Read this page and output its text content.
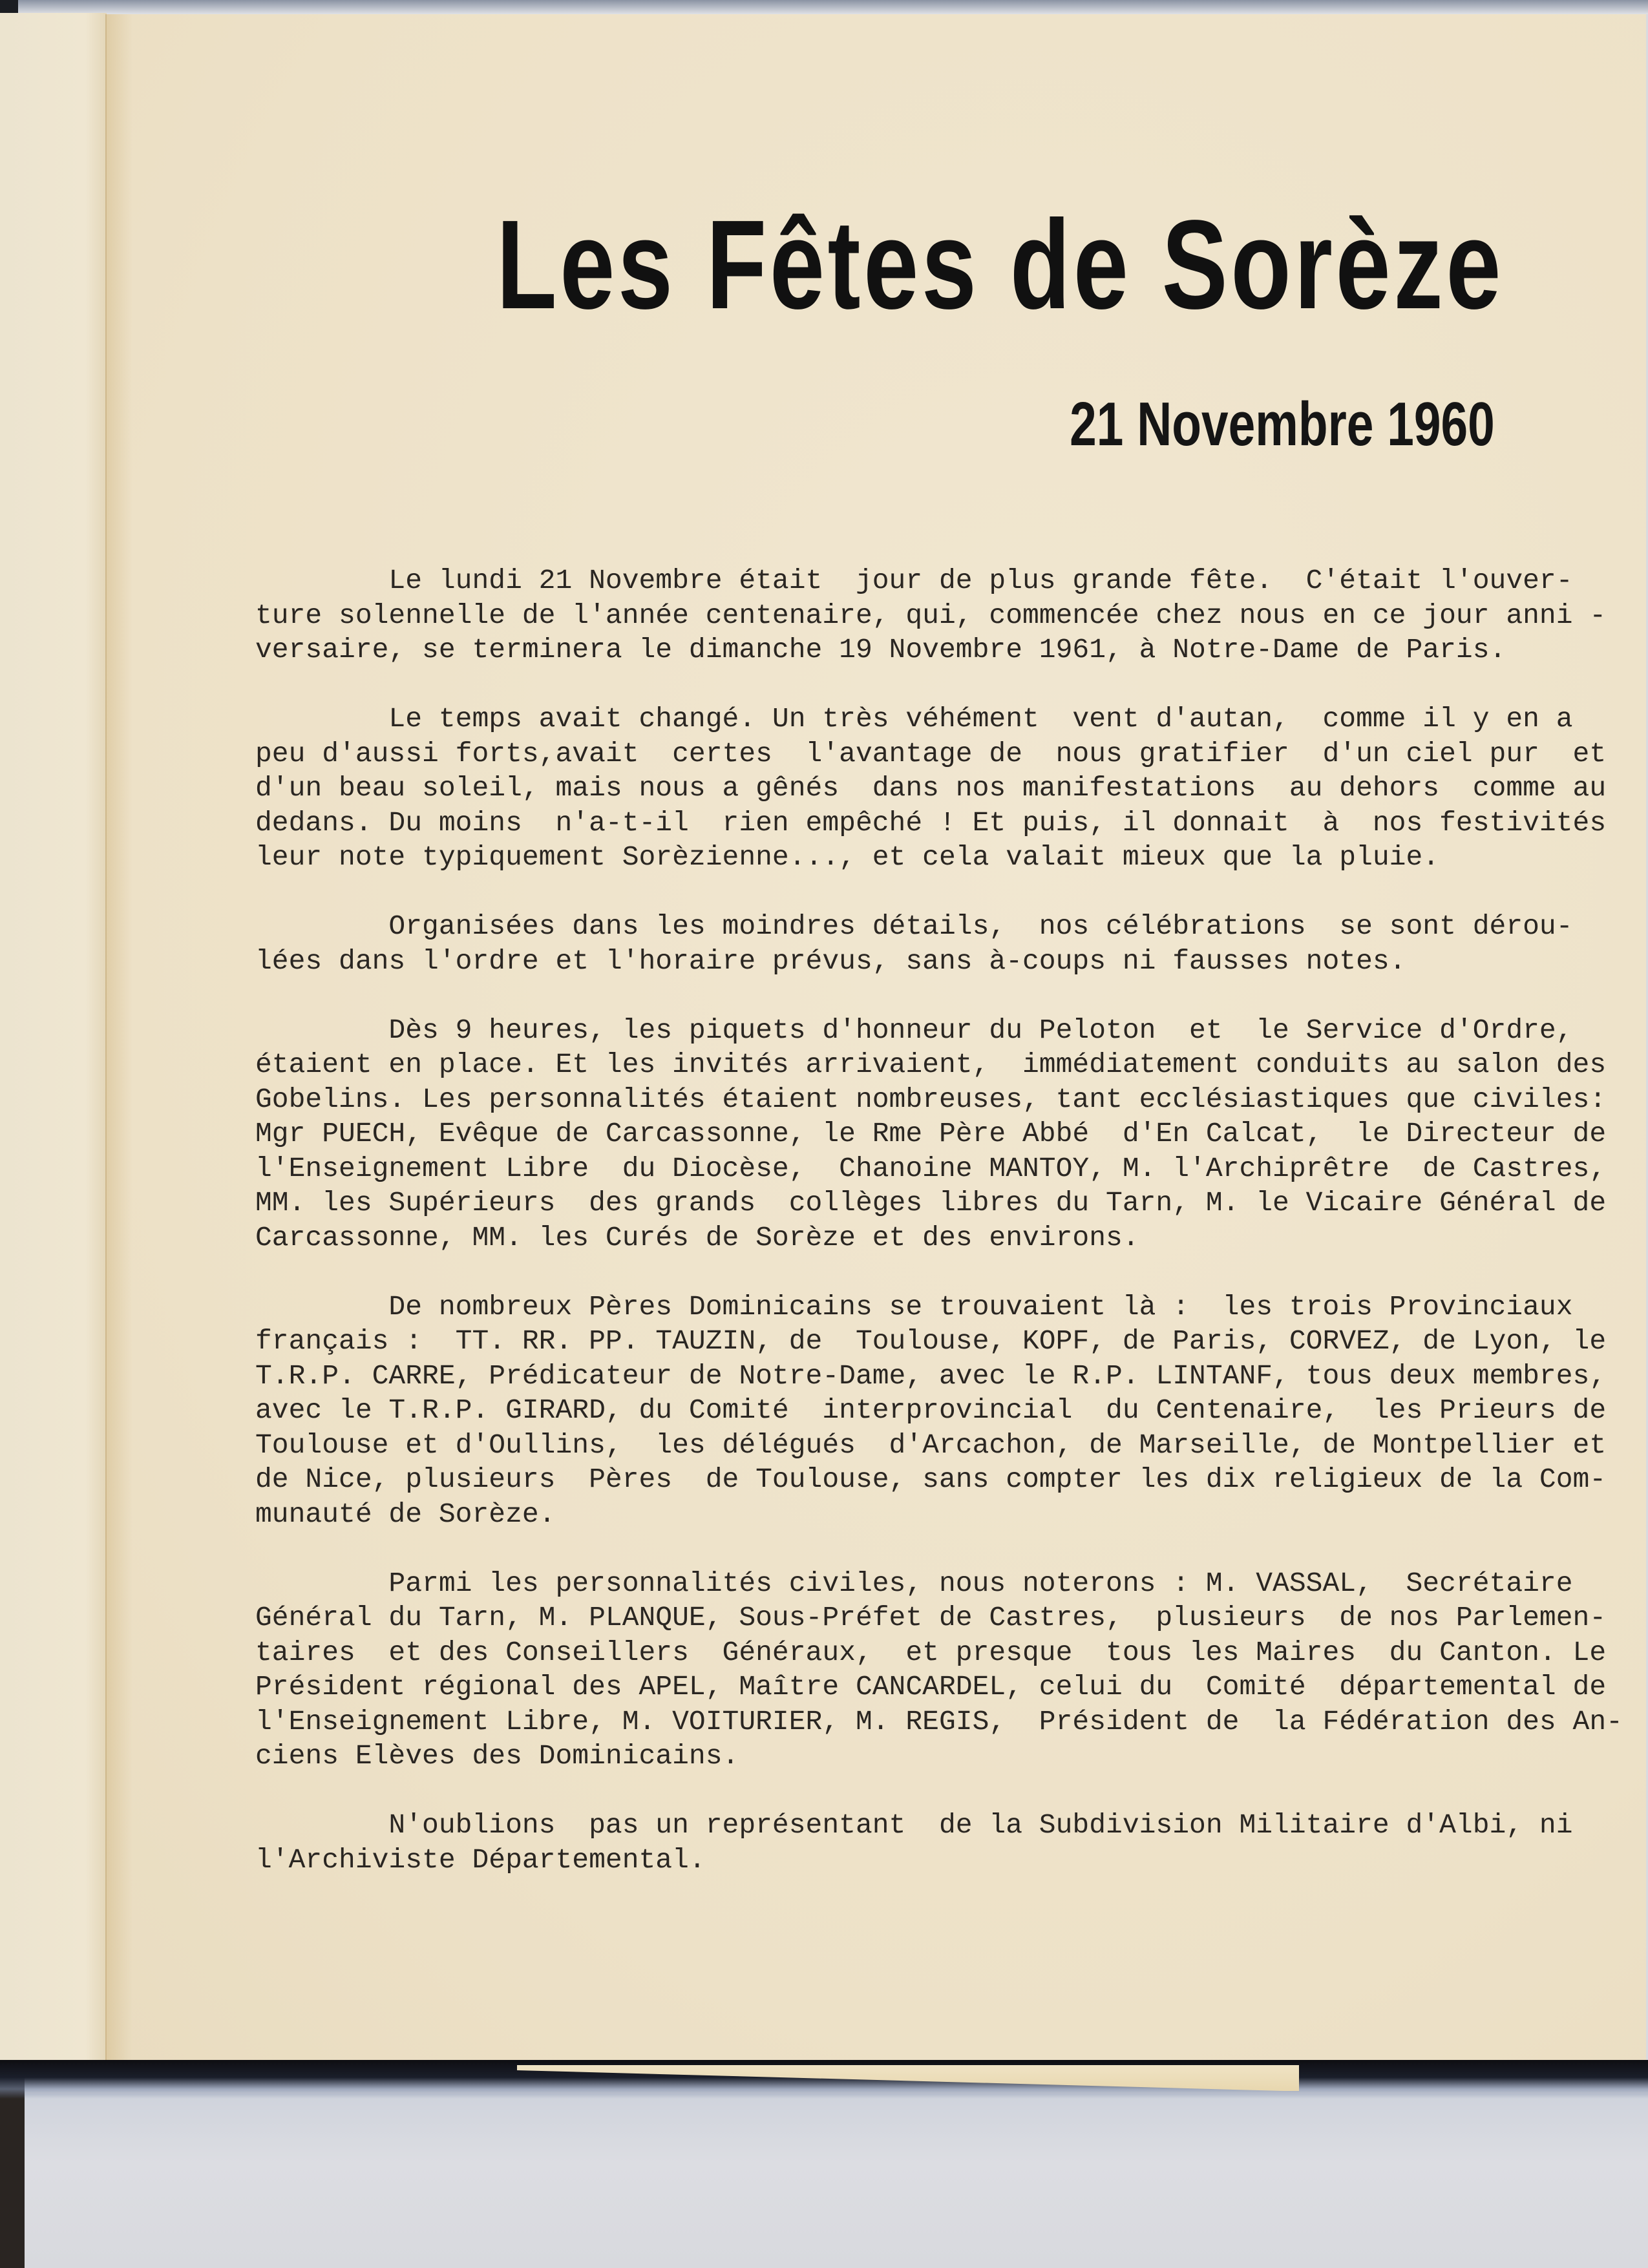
Les Fêtes de Sorèze
21 Novembre 1960
Le lundi 21 Novembre était  jour de plus grande fête.  C'était l'ouver-
ture solennelle de l'année centenaire, qui, commencée chez nous en ce jour anni -
versaire, se terminera le dimanche 19 Novembre 1961, à Notre-Dame de Paris.
Le temps avait changé. Un très véhément  vent d'autan,  comme il y en a
peu d'aussi forts,avait  certes  l'avantage de  nous gratifier  d'un ciel pur  et
d'un beau soleil, mais nous a gênés  dans nos manifestations  au dehors  comme au
dedans. Du moins  n'a-t-il  rien empêché ! Et puis, il donnait  à  nos festivités
leur note typiquement Sorèzienne..., et cela valait mieux que la pluie.
Organisées dans les moindres détails,  nos célébrations  se sont dérou-
lées dans l'ordre et l'horaire prévus, sans à-coups ni fausses notes.
Dès 9 heures, les piquets d'honneur du Peloton  et  le Service d'Ordre,
étaient en place. Et les invités arrivaient,  immédiatement conduits au salon des
Gobelins. Les personnalités étaient nombreuses, tant ecclésiastiques que civiles:
Mgr PUECH, Evêque de Carcassonne, le Rme Père Abbé  d'En Calcat,  le Directeur de
l'Enseignement Libre  du Diocèse,  Chanoine MANTOY, M. l'Archiprêtre  de Castres,
MM. les Supérieurs  des grands  collèges libres du Tarn, M. le Vicaire Général de
Carcassonne, MM. les Curés de Sorèze et des environs.
De nombreux Pères Dominicains se trouvaient là :  les trois Provinciaux
français :  TT. RR. PP. TAUZIN, de  Toulouse, KOPF, de Paris, CORVEZ, de Lyon, le
T.R.P. CARRE, Prédicateur de Notre-Dame, avec le R.P. LINTANF, tous deux membres,
avec le T.R.P. GIRARD, du Comité  interprovincial  du Centenaire,  les Prieurs de
Toulouse et d'Oullins,  les délégués  d'Arcachon, de Marseille, de Montpellier et
de Nice, plusieurs  Pères  de Toulouse, sans compter les dix religieux de la Com-
munauté de Sorèze.
Parmi les personnalités civiles, nous noterons : M. VASSAL,  Secrétaire
Général du Tarn, M. PLANQUE, Sous-Préfet de Castres,  plusieurs  de nos Parlemen-
taires  et des Conseillers  Généraux,  et presque  tous les Maires  du Canton. Le
Président régional des APEL, Maître CANCARDEL, celui du  Comité  départemental de
l'Enseignement Libre, M. VOITURIER, M. REGIS,  Président de  la Fédération des An-
ciens Elèves des Dominicains.
N'oublions  pas un représentant  de la Subdivision Militaire d'Albi, ni
l'Archiviste Départemental.
